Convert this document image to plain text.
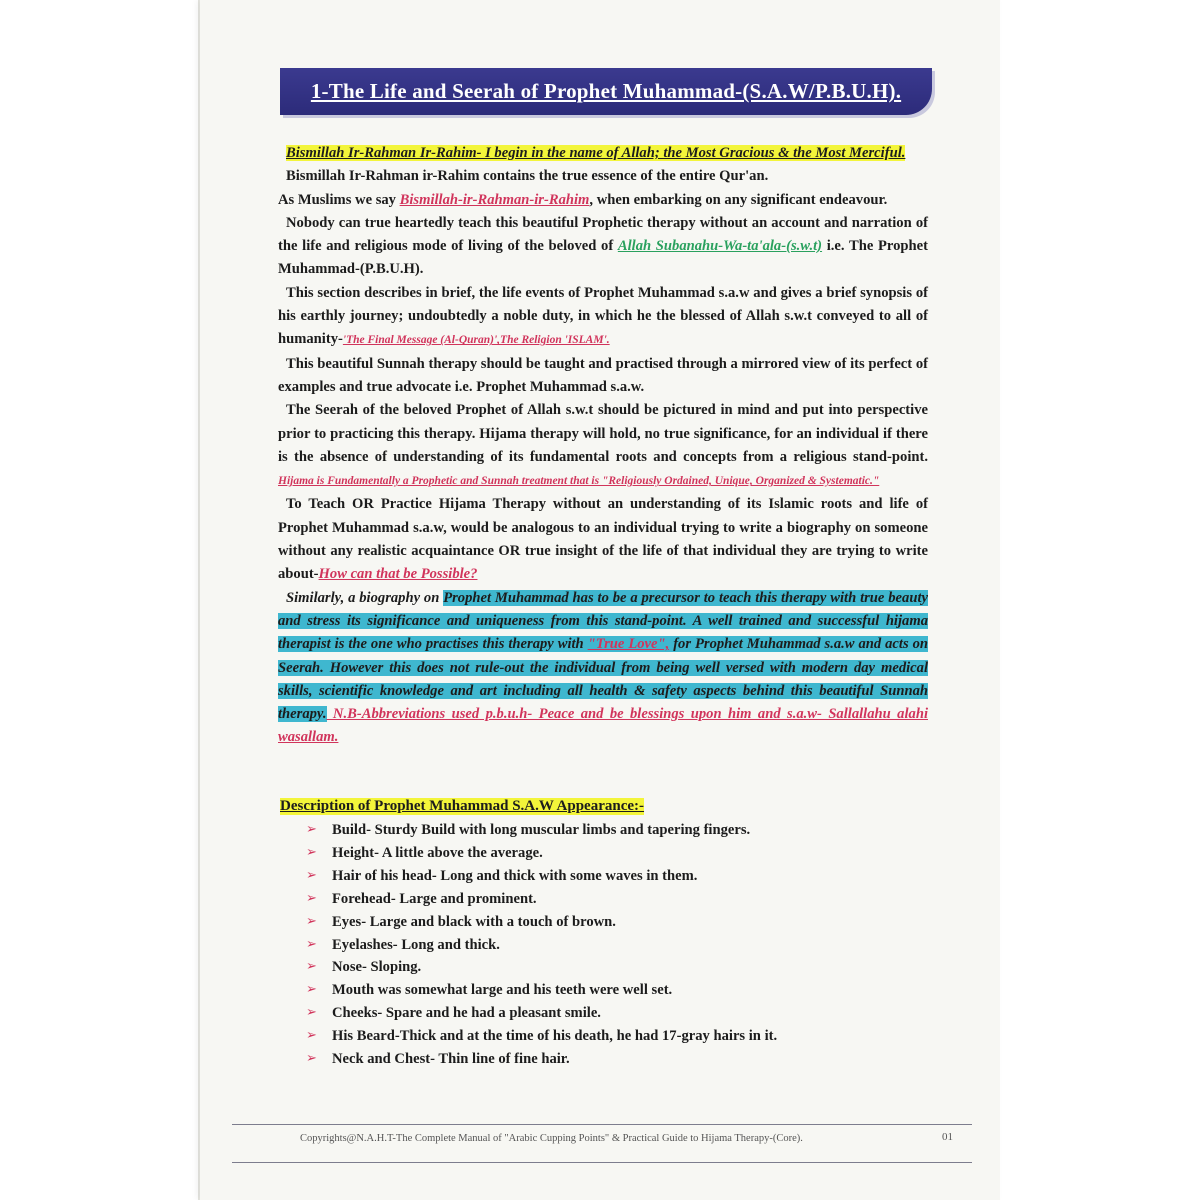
1-The Life and Seerah of Prophet Muhammad-(S.A.W/P.B.U.H).

Bismillah Ir-Rahman Ir-Rahim- I begin in the name of Allah; the Most Gracious & the Most Merciful.

Bismillah Ir-Rahman ir-Rahim contains the true essence of the entire Qur'an.

As Muslims we say Bismillah-ir-Rahman-ir-Rahim, when embarking on any significant endeavour.

Nobody can true heartedly teach this beautiful Prophetic therapy without an account and narration of the life and religious mode of living of the beloved of Allah Subanahu-Wa-ta'ala-(s.w.t) i.e. The Prophet Muhammad-(P.B.U.H).

This section describes in brief, the life events of Prophet Muhammad s.a.w and gives a brief synopsis of his earthly journey; undoubtedly a noble duty, in which he the blessed of Allah s.w.t conveyed to all of humanity-'The Final Message (Al-Quran)',The Religion 'ISLAM'.

This beautiful Sunnah therapy should be taught and practised through a mirrored view of its perfect of examples and true advocate i.e. Prophet Muhammad s.a.w.

The Seerah of the beloved Prophet of Allah s.w.t should be pictured in mind and put into perspective prior to practicing this therapy. Hijama therapy will hold, no true significance, for an individual if there is the absence of understanding of its fundamental roots and concepts from a religious stand-point. Hijama is Fundamentally a Prophetic and Sunnah treatment that is "Religiously Ordained, Unique, Organized & Systematic."

To Teach OR Practice Hijama Therapy without an understanding of its Islamic roots and life of Prophet Muhammad s.a.w, would be analogous to an individual trying to write a biography on someone without any realistic acquaintance OR true insight of the life of that individual they are trying to write about-How can that be Possible?

Similarly, a biography on Prophet Muhammad has to be a precursor to teach this therapy with true beauty and stress its significance and uniqueness from this stand-point. A well trained and successful hijama therapist is the one who practises this therapy with "True Love", for Prophet Muhammad s.a.w and acts on Seerah. However this does not rule-out the individual from being well versed with modern day medical skills, scientific knowledge and art including all health & safety aspects behind this beautiful Sunnah therapy. N.B-Abbreviations used p.b.u.h- Peace and be blessings upon him and s.a.w- Sallallahu alahi wasallam.

Description of Prophet Muhammad S.A.W Appearance:-
➢	Build- Sturdy Build with long muscular limbs and tapering fingers.
➢	Height- A little above the average.
➢	Hair of his head- Long and thick with some waves in them.
➢	Forehead- Large and prominent.
➢	Eyes- Large and black with a touch of brown.
➢	Eyelashes- Long and thick.
➢	Nose- Sloping.
➢	Mouth was somewhat large and his teeth were well set.
➢	Cheeks- Spare and he had a pleasant smile.
➢	His Beard-Thick and at the time of his death, he had 17-gray hairs in it.
➢	Neck and Chest- Thin line of fine hair.
Copyrights@N.A.H.T-The Complete Manual of "Arabic Cupping Points" & Practical Guide to Hijama Therapy-(Core).	01
